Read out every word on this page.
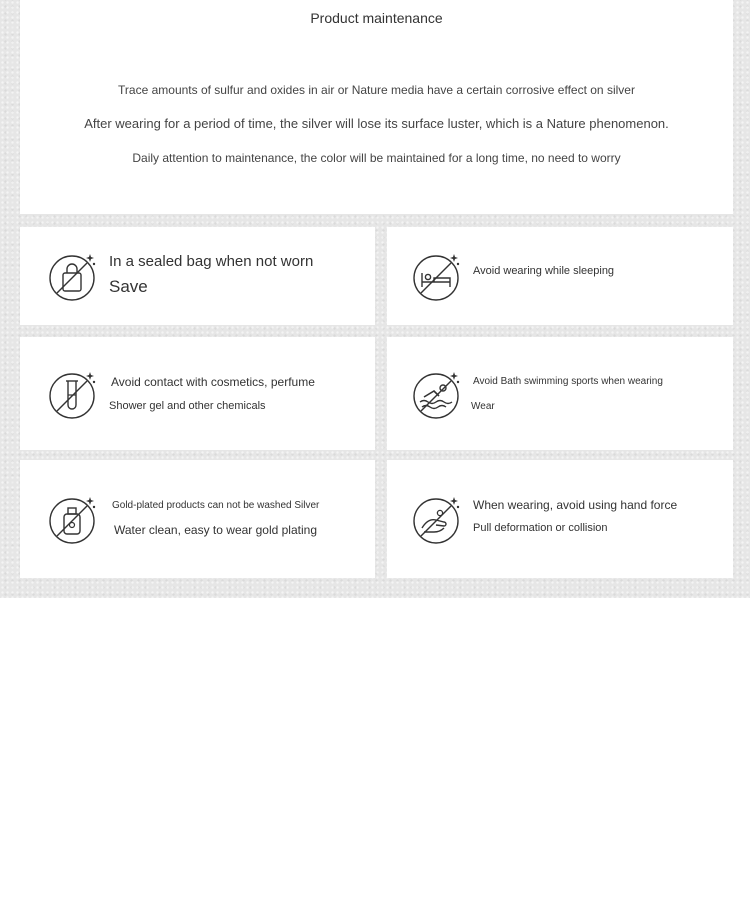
Product maintenance
Trace amounts of sulfur and oxides in air or Nature media have a certain corrosive effect on silver
After wearing for a period of time, the silver will lose its surface luster, which is a Nature phenomenon.
Daily attention to maintenance, the color will be maintained for a long time, no need to worry
In a sealed bag when not worn
Save
Avoid wearing while sleeping
Avoid contact with cosmetics, perfume
Shower gel and other chemicals
Avoid Bath swimming sports when wearing
Wear
Gold-plated products can not be washed Silver
Water clean, easy to wear gold plating
When wearing, avoid using hand force
Pull deformation or collision
